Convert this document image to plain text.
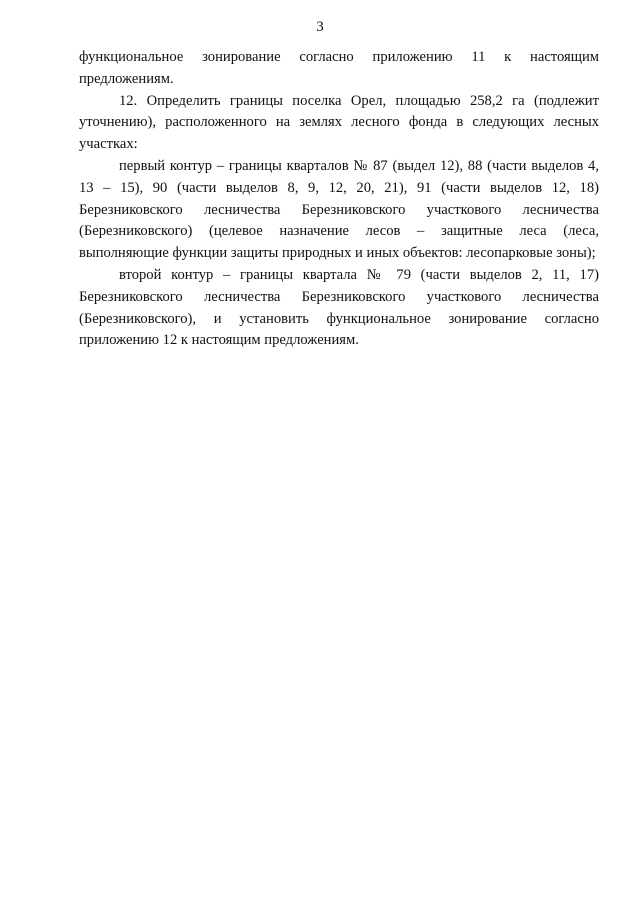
3

функциональное зонирование согласно приложению 11 к настоящим предложениям.

12. Определить границы поселка Орел, площадью 258,2 га (подлежит уточнению), расположенного на землях лесного фонда в следующих лесных участках:

первый контур – границы кварталов № 87 (выдел 12), 88 (части выделов 4, 13 – 15), 90 (части выделов 8, 9, 12, 20, 21), 91 (части выделов 12, 18) Березниковского лесничества Березниковского участкового лесничества (Березниковского) (целевое назначение лесов – защитные леса (леса, выполняющие функции защиты природных и иных объектов: лесопарковые зоны);

второй контур – границы квартала № 79 (части выделов 2, 11, 17) Березниковского лесничества Березниковского участкового лесничества (Березниковского), и установить функциональное зонирование согласно приложению 12 к настоящим предложениям.
